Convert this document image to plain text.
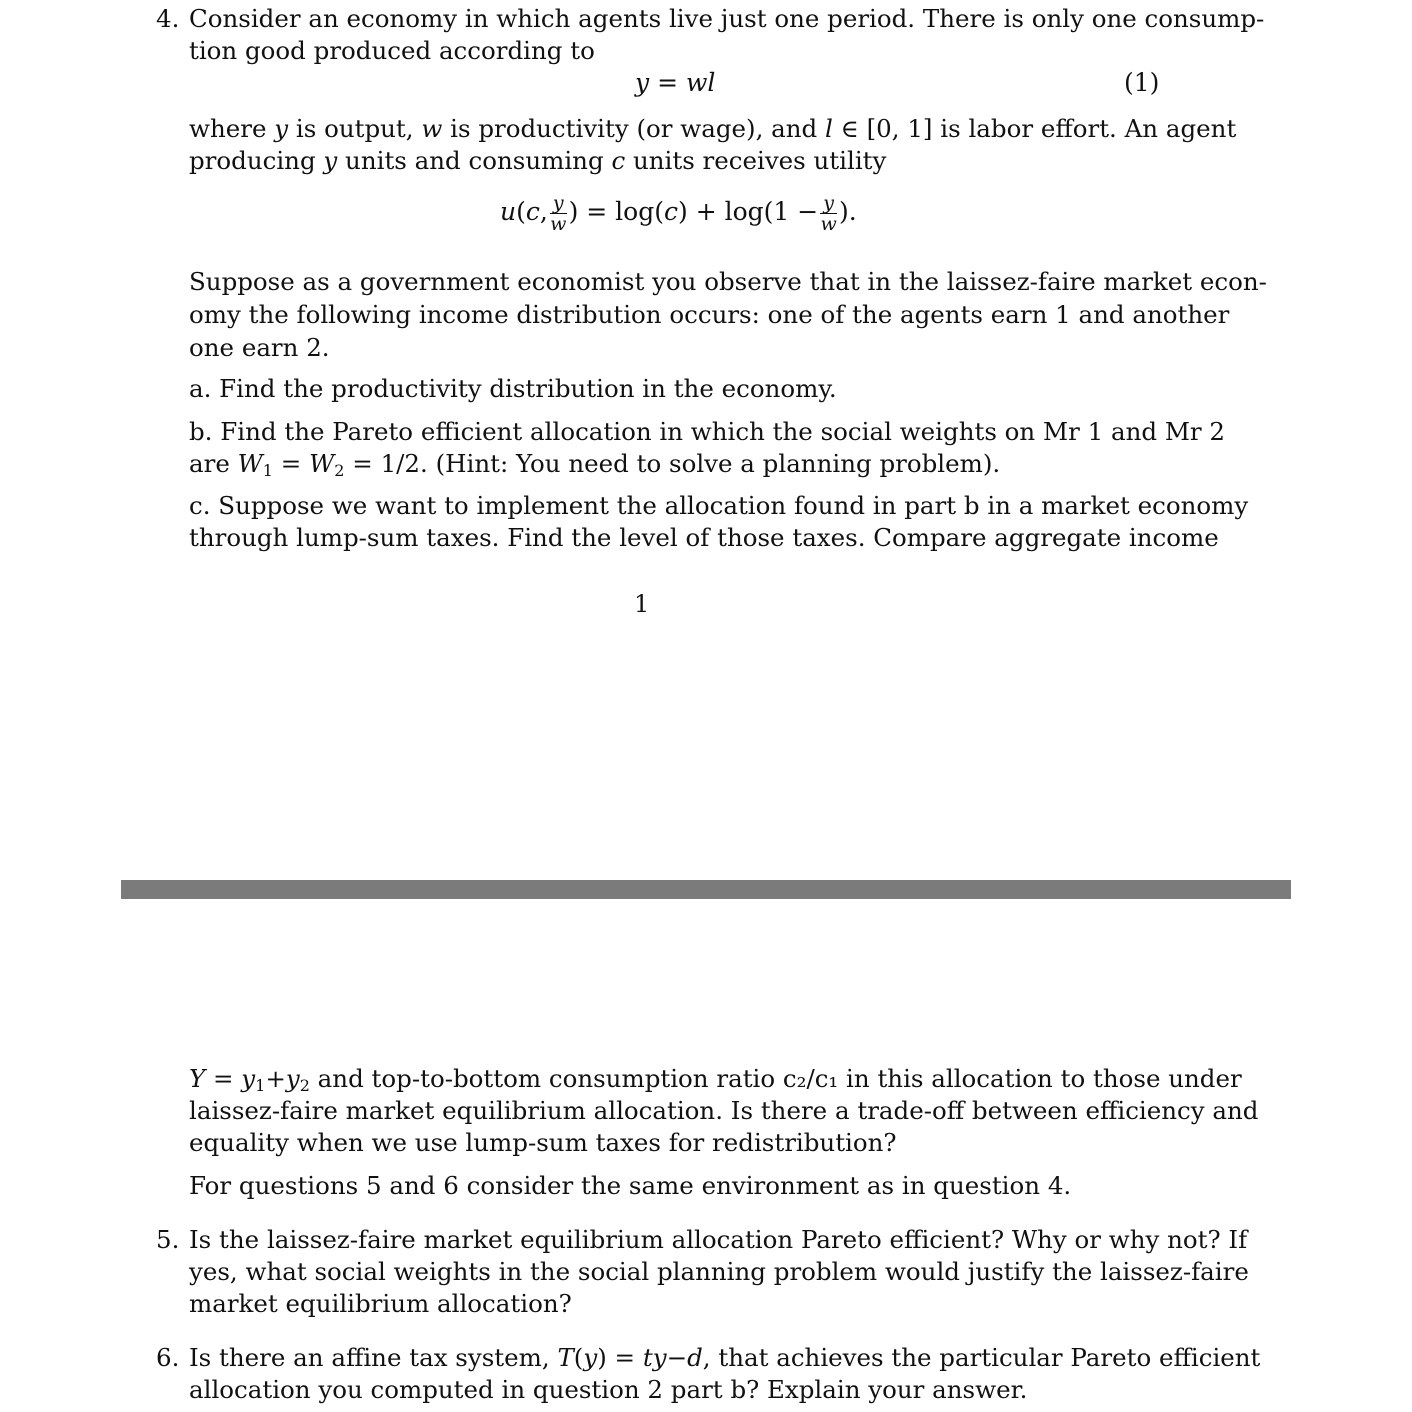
4. Consider an economy in which agents live just one period. There is only one consump-
tion good produced according to
y = wl	(1)
where y is output, w is productivity (or wage), and l ∈ [0, 1] is labor effort. An agent
producing y units and consuming c units receives utility
u(c, $\frac{y}{w}$ ) = $\log(c) + \log(1 - \frac{y}{w}$ ).
Suppose as a government economist you observe that in the laissez-faire market econ-
omy the following income distribution occurs: one of the agents earn 1 and another
one earn 2.
a. Find the productivity distribution in the economy.
b. Find the Pareto efficient allocation in which the social weights on Mr 1 and Mr 2
are $W_1 = W_2 = 1/2$. (Hint: You need to solve a planning problem).
c. Suppose we want to implement the allocation found in part b in a market economy
through lump-sum taxes. Find the level of those taxes. Compare aggregate income
1
$Y = y_1+y_2$ and top-to-bottom consumption ratio c₂/c₁ in this allocation to those under
laissez-faire market equilibrium allocation. Is there a trade-off between efficiency and
equality when we use lump-sum taxes for redistribution?
For questions 5 and 6 consider the same environment as in question 4.
5. Is the laissez-faire market equilibrium allocation Pareto efficient? Why or why not? If
yes, what social weights in the social planning problem would justify the laissez-faire
market equilibrium allocation?
6. Is there an affine tax system, T(y) = ty−d, that achieves the particular Pareto efficient
allocation you computed in question 2 part b? Explain your answer.
